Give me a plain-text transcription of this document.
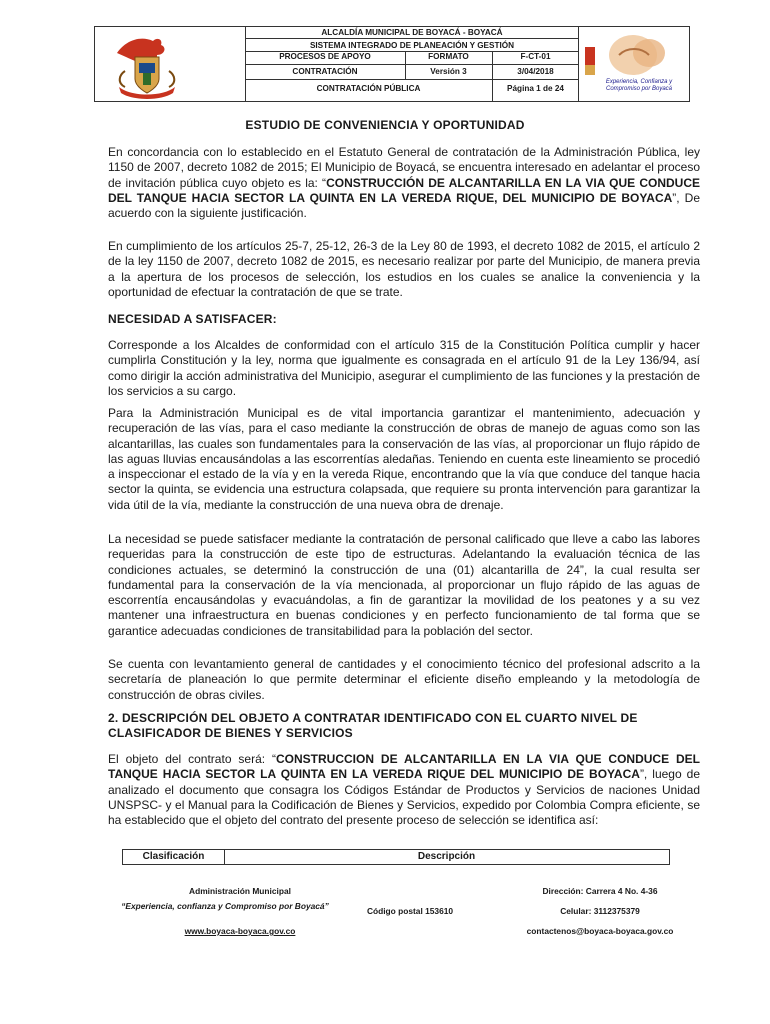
ALCALDÍA MUNICIPAL DE BOYACÁ - BOYACÁ
SISTEMA INTEGRADO DE PLANEACIÓN Y GESTIÓN
PROCESOS DE APOYO	FORMATO	F-CT-01
CONTRATACIÓN	Versión 3	3/04/2018
CONTRATACIÓN PÚBLICA	Página 1 de 24
Experiencia, Confianza y
Compromiso por Boyacá
ESTUDIO DE CONVENIENCIA Y OPORTUNIDAD

En concordancia con lo establecido en el Estatuto General de contratación de la Administración Pública, ley 1150 de 2007, decreto 1082 de 2015; El Municipio de Boyacá, se encuentra interesado en adelantar el proceso de invitación pública cuyo objeto es la: “CONSTRUCCIÓN DE ALCANTARILLA EN LA VIA QUE CONDUCE DEL TANQUE HACIA SECTOR LA QUINTA EN LA VEREDA RIQUE, DEL MUNICIPIO DE BOYACA”, De acuerdo con la siguiente justificación.

En cumplimiento de los artículos 25-7, 25-12, 26-3 de la Ley 80 de 1993, el decreto 1082 de 2015, el artículo 2 de la ley 1150 de 2007, decreto 1082 de 2015, es necesario realizar por parte del Municipio, de manera previa a la apertura de los procesos de selección, los estudios en los cuales se analice la conveniencia y la oportunidad de efectuar la contratación de que se trate.

NECESIDAD A SATISFACER:

Corresponde a los Alcaldes de conformidad con el artículo 315 de la Constitución Política cumplir y hacer cumplirla Constitución y la ley, norma que igualmente es consagrada en el artículo 91 de la Ley 136/94, así como dirigir la acción administrativa del Municipio, asegurar el cumplimiento de las funciones y la prestación de los servicios a su cargo.

Para la Administración Municipal es de vital importancia garantizar el mantenimiento, adecuación y recuperación de las vías, para el caso mediante la construcción de obras de manejo de aguas como son las alcantarillas, las cuales son fundamentales para la conservación de las vías, al proporcionar un flujo rápido de las aguas lluvias encausándolas a las escorrentías aledañas. Teniendo en cuenta este lineamiento se procedió a inspeccionar el estado de la vía y en la vereda Rique, encontrando que la vía que conduce del tanque hacia sector la quinta, se evidencia una estructura colapsada, que requiere su pronta intervención para garantizar la vida útil de la vía, mediante la construcción de una nueva obra de drenaje.

La necesidad se puede satisfacer mediante la contratación de personal calificado que lleve a cabo las labores requeridas para la construcción de este tipo de estructuras. Adelantando la evaluación técnica de las condiciones actuales, se determinó la construcción de una (01) alcantarilla de 24”, la cual resulta ser fundamental para la conservación de la vía mencionada, al proporcionar un flujo rápido de las aguas de escorrentía encausándolas y evacuándolas, a fin de garantizar la movilidad de los peatones y a su vez mantener una infraestructura en buenas condiciones y en perfecto funcionamiento de tal forma que se garantice adecuadas condiciones de transitabilidad para la población del sector.

Se cuenta con levantamiento general de cantidades y el conocimiento técnico del profesional adscrito a la secretaría de planeación lo que permite determinar el eficiente diseño empleando y la metodología de construcción de obras civiles.

2. DESCRIPCIÓN DEL OBJETO A CONTRATAR IDENTIFICADO CON EL CUARTO NIVEL DE CLASIFICADOR DE BIENES Y SERVICIOS

El objeto del contrato será: “CONSTRUCCION DE ALCANTARILLA EN LA VIA QUE CONDUCE DEL TANQUE HACIA SECTOR LA QUINTA EN LA VEREDA RIQUE DEL MUNICIPIO DE BOYACA”, luego de analizado el documento que consagra los Códigos Estándar de Productos y Servicios de naciones Unidad UNSPSC- y el Manual para la Codificación de Bienes y Servicios, expedido por Colombia Compra eficiente, se ha establecido que el objeto del contrato del presente proceso de selección se identifica así:

Clasificación	Descripción
Administración Municipal
“Experiencia, confianza y Compromiso por Boyacá”
www.boyaca-boyaca.gov.co
Código postal 153610
Dirección: Carrera 4 No. 4-36
Celular: 3112375379
contactenos@boyaca-boyaca.gov.co
